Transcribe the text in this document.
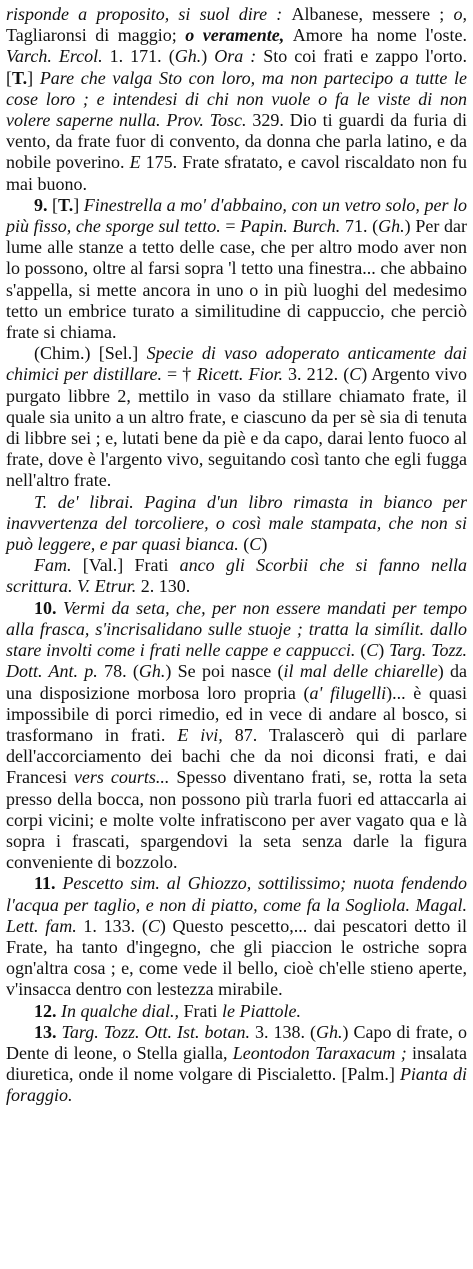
risponde a proposito, si suol dire : Albanese, messere ; o, Tagliaronsi di maggio; o veramente, Amore ha nome l'oste. Varch. Ercol. 1. 171. (Gh.) Ora : Sto coi frati e zappo l'orto. [T.] Pare che valga Sto con loro, ma non partecipo a tutte le cose loro ; e intendesi di chi non vuole o fa le viste di non volere saperne nulla. Prov. Tosc. 329. Dio ti guardi da furia di vento, da frate fuor di convento, da donna che parla latino, e da nobile poverino. E 175. Frate sfratato, e cavol riscaldato non fu mai buono.

9. [T.] Finestrella a mo' d'abbaino, con un vetro solo, per lo più fisso, che sporge sul tetto. = Papin. Burch. 71. (Gh.) Per dar lume alle stanze a tetto delle case, che per altro modo aver non lo possono, oltre al farsi sopra 'l tetto una finestra... che abbaino s'appella, si mette ancora in uno o in più luoghi del medesimo tetto un embrice turato a similitudine di cappuccio, che perciò frate si chiama.

(Chim.) [Sel.] Specie di vaso adoperato anticamente dai chimici per distillare. = † Ricett. Fior. 3. 212. (C) Argento vivo purgato libbre 2, mettilo in vaso da stillare chiamato frate, il quale sia unito a un altro frate, e ciascuno da per sè sia di tenuta di libbre sei ; e, lutati bene da piè e da capo, darai lento fuoco al frate, dove è l'argento vivo, seguitando così tanto che egli fugga nell'altro frate.

T. de' librai. Pagina d'un libro rimasta in bianco per inavvertenza del torcoliere, o così male stampata, che non si può leggere, e par quasi bianca. (C)

Fam. [Val.] Frati anco gli Scorbii che si fanno nella scrittura. V. Etrur. 2. 130.

10. Vermi da seta, che, per non essere mandati per tempo alla frasca, s'incrisalidano sulle stuoje ; tratta la simílit. dallo stare involti come i frati nelle cappe e cappucci. (C) Targ. Tozz. Dott. Ant. p. 78. (Gh.) Se poi nasce (il mal delle chiarelle) da una disposizione morbosa loro propria (a' filugelli)... è quasi impossibile di porci rimedio, ed in vece di andare al bosco, si trasformano in frati. E ivi, 87. Tralascerò qui di parlare dell'accorciamento dei bachi che da noi diconsi frati, e dai Francesi vers courts... Spesso diventano frati, se, rotta la seta presso della bocca, non possono più trarla fuori ed attaccarla ai corpi vicini; e molte volte infratiscono per aver vagato qua e là sopra i frascati, spargendovi la seta senza darle la figura conveniente di bozzolo.

11. Pescetto sim. al Ghiozzo, sottilissimo; nuota fendendo l'acqua per taglio, e non di piatto, come fa la Sogliola. Magal. Lett. fam. 1. 133. (C) Questo pescetto,... dai pescatori detto il Frate, ha tanto d'ingegno, che gli piaccion le ostriche sopra ogn'altra cosa ; e, come vede il bello, cioè ch'elle stieno aperte, v'insacca dentro con lestezza mirabile.

12. In qualche dial., Frati le Piattole.

13. Targ. Tozz. Ott. Ist. botan. 3. 138. (Gh.) Capo di frate, o Dente di leone, o Stella gialla, Leontodon Taraxacum ; insalata diuretica, onde il nome volgare di Piscialetto. [Palm.] Pianta di foraggio.
